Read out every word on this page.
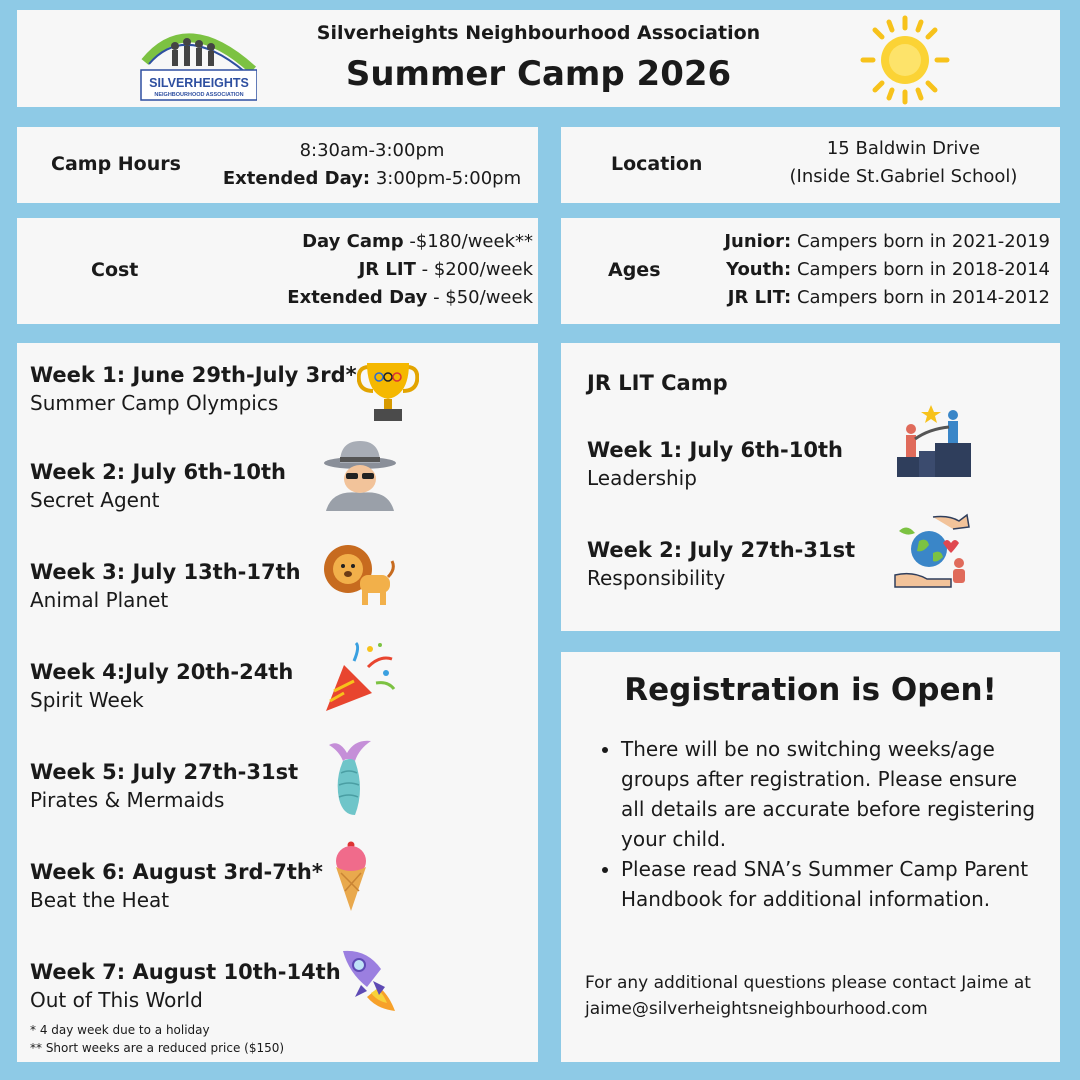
SILVERHEIGHTS
NEIGHBOURHOOD ASSOCIATION
Silverheights Neighbourhood Association
Summer Camp 2026
Camp Hours
8:30am-3:00pm
Extended Day: 3:00pm-5:00pm
Location
15 Baldwin Drive
(Inside St.Gabriel School)
Cost
Day Camp -$180/week**
JR LIT - $200/week
Extended Day - $50/week
Ages
Junior: Campers born in 2021-2019
Youth: Campers born in 2018-2014
JR LIT: Campers born in 2014-2012
Week 1: June 29th-July 3rd*
Summer Camp Olympics
Week 2: July 6th-10th
Secret Agent
Week 3: July 13th-17th
Animal Planet
Week 4:July 20th-24th
Spirit Week
Week 5: July 27th-31st
Pirates & Mermaids
Week 6: August 3rd-7th*
Beat the Heat
Week 7: August 10th-14th
Out of This World
* 4 day week due to a holiday
** Short weeks are a reduced price ($150)
JR LIT Camp
Week 1: July 6th-10th
Leadership
Week 2: July 27th-31st
Responsibility
Registration is Open!
• There will be no switching weeks/age groups after registration. Please ensure all details are accurate before registering your child.
• Please read SNA’s Summer Camp Parent Handbook for additional information.
For any additional questions please contact Jaime at jaime@silverheightsneighbourhood.com
